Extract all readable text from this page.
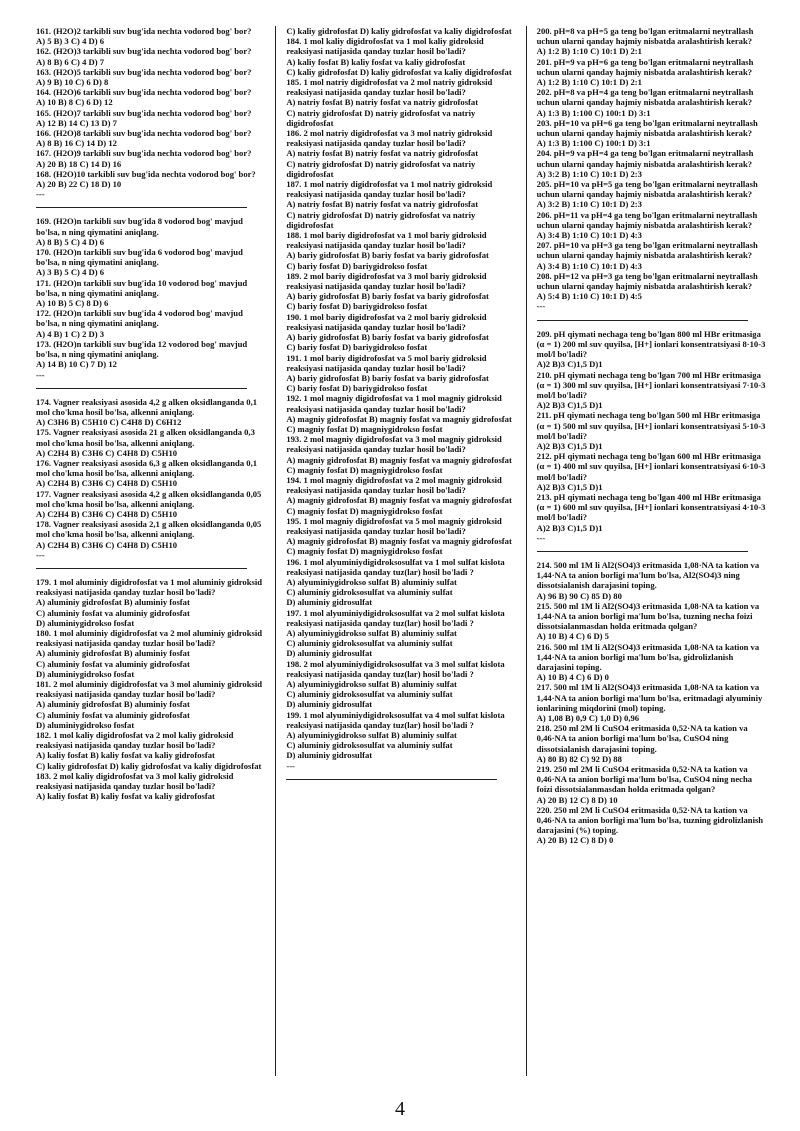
161. (H2O)2 tarkibli suv bug'ida nechta vodorod bog' bor?
A) 5 B) 3 C) 4 D) 6
162. (H2O)3 tarkibli suv bug'ida nechta vodorod bog' bor?
A) 8 B) 6 C) 4 D) 7
163. (H2O)5 tarkibli suv bug'ida nechta vodorod bog' bor?
A) 9 B) 10 C) 6 D) 8
164. (H2O)6 tarkibli suv bug'ida nechta vodorod bog' bor?
A) 10 B) 8 C) 6 D) 12
165. (H2O)7 tarkibli suv bug'ida nechta vodorod bog' bor?
A) 12 B) 14 C) 13 D) 7
166. (H2O)8 tarkibli suv bug'ida nechta vodorod bog' bor?
A) 8 B) 16 C) 14 D) 12
167. (H2O)9 tarkibli suv bug'ida nechta vodorod bog' bor?
A) 20 B) 18 C) 14 D) 16
168. (H2O)10 tarkibli suv bug'ida nechta vodorod bog' bor?
A) 20 B) 22 C) 18 D) 10
---
169. (H2O)n tarkibli suv bug'ida 8 vodorod bog' mavjud bo'lsa, n ning qiymatini aniqlang.
A) 8 B) 5 C) 4 D) 6
170. (H2O)n tarkibli suv bug'ida 6 vodorod bog' mavjud bo'lsa, n ning qiymatini aniqlang.
A) 3 B) 5 C) 4 D) 6
171. (H2O)n tarkibli suv bug'ida 10 vodorod bog' mavjud bo'lsa, n ning qiymatini aniqlang.
A) 10 B) 5 C) 8 D) 6
172. (H2O)n tarkibli suv bug'ida 4 vodorod bog' mavjud bo'lsa, n ning qiymatini aniqlang.
A) 4 B) 1 C) 2 D) 3
173. (H2O)n tarkibli suv bug'ida 12 vodorod bog' mavjud bo'lsa, n ning qiymatini aniqlang.
A) 14 B) 10 C) 7 D) 12
---
174. Vagner reaksiyasi asosida 4,2 g alken oksidlanganda 0,1 mol cho'kma hosil bo'lsa, alkenni aniqlang.
A) C3H6 B) C5H10 C) C4H8 D) C6H12
175. Vagner reaksiyasi asosida 21 g alken oksidlanganda 0,3 mol cho'kma hosil bo'lsa, alkenni aniqlang.
A) C2H4 B) C3H6 C) C4H8 D) C5H10
176. Vagner reaksiyasi asosida 6,3 g alken oksidlanganda 0,1 mol cho'kma hosil bo'lsa, alkenni aniqlang.
A) C2H4 B) C3H6 C) C4H8 D) C5H10
177. Vagner reaksiyasi asosida 4,2 g alken oksidlanganda 0,05 mol cho'kma hosil bo'lsa, alkenni aniqlang.
A) C2H4 B) C3H6 C) C4H8 D) C5H10
178. Vagner reaksiyasi asosida 2,1 g alken oksidlanganda 0,05 mol cho'kma hosil bo'lsa, alkenni aniqlang.
A) C2H4 B) C3H6 C) C4H8 D) C5H10
---
179. 1 mol aluminiy digidrofosfat va 1 mol aluminiy gidroksid reaksiyasi natijasida qanday tuzlar hosil bo'ladi?
A) aluminiy gidrofosfat B) aluminiy fosfat
C) aluminiy fosfat va aluminiy gidrofosfat
D) aluminiygidrokso fosfat
180. 1 mol aluminiy digidrofosfat va 2 mol aluminiy gidroksid reaksiyasi natijasida qanday tuzlar hosil bo'ladi?
A) aluminiy gidrofosfat B) aluminiy fosfat
C) aluminiy fosfat va aluminiy gidrofosfat
D) aluminiygidrokso fosfat
181. 2 mol aluminiy digidrofosfat va 3 mol aluminiy gidroksid reaksiyasi natijasida qanday tuzlar hosil bo'ladi?
A) aluminiy gidrofosfat B) aluminiy fosfat
C) aluminiy fosfat va aluminiy gidrofosfat
D) aluminiygidrokso fosfat
182. 1 mol kaliy digidrofosfat va 2 mol kaliy gidroksid reaksiyasi natijasida qanday tuzlar hosil bo'ladi?
A) kaliy fosfat B) kaliy fosfat va kaliy gidrofosfat
C) kaliy gidrofosfat D) kaliy gidrofosfat va kaliy digidrofosfat
183. 2 mol kaliy digidrofosfat va 3 mol kaliy gidroksid reaksiyasi natijasida qanday tuzlar hosil bo'ladi?
A) kaliy fosfat B) kaliy fosfat va kaliy gidrofosfat
C) kaliy gidrofosfat D) kaliy gidrofosfat va kaliy digidrofosfat
184. 1 mol kaliy digidrofosfat va 1 mol kaliy gidroksid reaksiyasi natijasida qanday tuzlar hosil bo'ladi?
A) kaliy fosfat B) kaliy fosfat va kaliy gidrofosfat
C) kaliy gidrofosfat D) kaliy gidrofosfat va kaliy digidrofosfat
185. 1 mol natriy digidrofosfat va 2 mol natriy gidroksid reaksiyasi natijasida qanday tuzlar hosil bo'ladi?
A) natriy fosfat B) natriy fosfat va natriy gidrofosfat
C) natriy gidrofosfat D) natriy gidrofosfat va natriy digidrofosfat
186. 2 mol natriy digidrofosfat va 3 mol natriy gidroksid reaksiyasi natijasida qanday tuzlar hosil bo'ladi?
A) natriy fosfat B) natriy fosfat va natriy gidrofosfat
C) natriy gidrofosfat D) natriy gidrofosfat va natriy digidrofosfat
187. 1 mol natriy digidrofosfat va 1 mol natriy gidroksid reaksiyasi natijasida qanday tuzlar hosil bo'ladi?
A) natriy fosfat B) natriy fosfat va natriy gidrofosfat
C) natriy gidrofosfat D) natriy gidrofosfat va natriy digidrofosfat
188. 1 mol bariy digidrofosfat va 1 mol bariy gidroksid reaksiyasi natijasida qanday tuzlar hosil bo'ladi?
A) bariy gidrofosfat B) bariy fosfat va bariy gidrofosfat
C) bariy fosfat D) bariygidrokso fosfat
189. 2 mol bariy digidrofosfat va 3 mol bariy gidroksid reaksiyasi natijasida qanday tuzlar hosil bo'ladi?
A) bariy gidrofosfat B) bariy fosfat va bariy gidrofosfat
C) bariy fosfat D) bariygidrokso fosfat
190. 1 mol bariy digidrofosfat va 2 mol bariy gidroksid reaksiyasi natijasida qanday tuzlar hosil bo'ladi?
A) bariy gidrofosfat B) bariy fosfat va bariy gidrofosfat
C) bariy fosfat D) bariygidrokso fosfat
191. 1 mol bariy digidrofosfat va 5 mol bariy gidroksid reaksiyasi natijasida qanday tuzlar hosil bo'ladi?
A) bariy gidrofosfat B) bariy fosfat va bariy gidrofosfat
C) bariy fosfat D) bariygidrokso fosfat
192. 1 mol magniy digidrofosfat va 1 mol magniy gidroksid reaksiyasi natijasida qanday tuzlar hosil bo'ladi?
A) magniy gidrofosfat B) magniy fosfat va magniy gidrofosfat
C) magniy fosfat D) magniygidrokso fosfat
193. 2 mol magniy digidrofosfat va 3 mol magniy gidroksid reaksiyasi natijasida qanday tuzlar hosil bo'ladi?
A) magniy gidrofosfat B) magniy fosfat va magniy gidrofosfat
C) magniy fosfat D) magniygidrokso fosfat
194. 1 mol magniy digidrofosfat va 2 mol magniy gidroksid reaksiyasi natijasida qanday tuzlar hosil bo'ladi?
A) magniy gidrofosfat B) magniy fosfat va magniy gidrofosfat
C) magniy fosfat D) magniygidrokso fosfat
195. 1 mol magniy digidrofosfat va 5 mol magniy gidroksid reaksiyasi natijasida qanday tuzlar hosil bo'ladi?
A) magniy gidrofosfat B) magniy fosfat va magniy gidrofosfat
C) magniy fosfat D) magniygidrokso fosfat
196. 1 mol alyuminiydigidroksosulfat va 1 mol sulfat kislota reaksiyasi natijasida qanday tuz(lar) hosil bo'ladi ?
A) alyuminiygidrokso sulfat B) aluminiy sulfat
C) aluminiy gidroksosulfat va aluminiy sulfat
D) aluminiy gidrosulfat
197. 1 mol alyuminiydigidroksosulfat va 2 mol sulfat kislota reaksiyasi natijasida qanday tuz(lar) hosil bo'ladi ?
A) alyuminiygidrokso sulfat B) aluminiy sulfat
C) aluminiy gidroksosulfat va aluminiy sulfat
D) aluminiy gidrosulfat
198. 2 mol alyuminiydigidroksosulfat va 3 mol sulfat kislota reaksiyasi natijasida qanday tuz(lar) hosil bo'ladi ?
A) alyuminiygidrokso sulfat B) aluminiy sulfat
C) aluminiy gidroksosulfat va aluminiy sulfat
D) aluminiy gidrosulfat
199. 1 mol alyuminiydigidroksosulfat va 4 mol sulfat kislota reaksiyasi natijasida qanday tuz(lar) hosil bo'ladi ?
A) alyuminiygidrokso sulfat B) aluminiy sulfat
C) aluminiy gidroksosulfat va aluminiy sulfat
D) aluminiy gidrosulfat
---
200. pH=8 va pH=5 ga teng bo'lgan eritmalarni neytrallash uchun ularni qanday hajmiy nisbatda aralashtirish kerak?
A) 1:2 B) 1:10 C) 10:1 D) 2:1
201. pH=9 va pH=6 ga teng bo'lgan eritmalarni neytrallash uchun ularni qanday hajmiy nisbatda aralashtirish kerak?
A) 1:2 B) 1:10 C) 10:1 D) 2:1
202. pH=8 va pH=4 ga teng bo'lgan eritmalarni neytrallash uchun ularni qanday hajmiy nisbatda aralashtirish kerak?
A) 1:3 B) 1:100 C) 100:1 D) 3:1
203. pH=10 va pH=6 ga teng bo'lgan eritmalarni neytrallash uchun ularni qanday hajmiy nisbatda aralashtirish kerak?
A) 1:3 B) 1:100 C) 100:1 D) 3:1
204. pH=9 va pH=4 ga teng bo'lgan eritmalarni neytrallash uchun ularni qanday hajmiy nisbatda aralashtirish kerak?
A) 3:2 B) 1:10 C) 10:1 D) 2:3
205. pH=10 va pH=5 ga teng bo'lgan eritmalarni neytrallash uchun ularni qanday hajmiy nisbatda aralashtirish kerak?
A) 3:2 B) 1:10 C) 10:1 D) 2:3
206. pH=11 va pH=4 ga teng bo'lgan eritmalarni neytrallash uchun ularni qanday hajmiy nisbatda aralashtirish kerak?
A) 3:4 B) 1:10 C) 10:1 D) 4:3
207. pH=10 va pH=3 ga teng bo'lgan eritmalarni neytrallash uchun ularni qanday hajmiy nisbatda aralashtirish kerak?
A) 3:4 B) 1:10 C) 10:1 D) 4:3
208. pH=12 va pH=3 ga teng bo'lgan eritmalarni neytrallash uchun ularni qanday hajmiy nisbatda aralashtirish kerak?
A) 5:4 B) 1:10 C) 10:1 D) 4:5
---
209. pH qiymati nechaga teng bo'lgan 800 ml HBr eritmasiga (α = 1) 200 ml suv quyilsa, [H+] ionlari konsentratsiyasi 8·10-3 mol/l bo'ladi?
A)2 B)3 C)1,5 D)1
210. pH qiymati nechaga teng bo'lgan 700 ml HBr eritmasiga (α = 1) 300 ml suv quyilsa, [H+] ionlari konsentratsiyasi 7·10-3 mol/l bo'ladi?
A)2 B)3 C)1,5 D)1
211. pH qiymati nechaga teng bo'lgan 500 ml HBr eritmasiga (α = 1) 500 ml suv quyilsa, [H+] ionlari konsentratsiyasi 5·10-3 mol/l bo'ladi?
A)2 B)3 C)1,5 D)1
212. pH qiymati nechaga teng bo'lgan 600 ml HBr eritmasiga (α = 1) 400 ml suv quyilsa, [H+] ionlari konsentratsiyasi 6·10-3 mol/l bo'ladi?
A)2 B)3 C)1,5 D)1
213. pH qiymati nechaga teng bo'lgan 400 ml HBr eritmasiga (α = 1) 600 ml suv quyilsa, [H+] ionlari konsentratsiyasi 4·10-3 mol/l bo'ladi?
A)2 B)3 C)1,5 D)1
---
214. 500 ml 1M li Al2(SO4)3 eritmasida 1,08·NA ta kation va 1,44·NA ta anion borligi ma'lum bo'lsa, Al2(SO4)3 ning dissotsialanish darajasini toping.
A) 96 B) 90 C) 85 D) 80
215. 500 ml 1M li Al2(SO4)3 eritmasida 1,08·NA ta kation va 1,44·NA ta anion borligi ma'lum bo'lsa, tuzning necha foizi dissotsialanmasdan holda eritmada qolgan?
A) 10 B) 4 C) 6 D) 5
216. 500 ml 1M li Al2(SO4)3 eritmasida 1,08·NA ta kation va 1,44·NA ta anion borligi ma'lum bo'lsa, gidrolizlanish darajasini toping.
A) 10 B) 4 C) 6 D) 0
217. 500 ml 1M li Al2(SO4)3 eritmasida 1,08·NA ta kation va 1,44·NA ta anion borligi ma'lum bo'lsa, eritmadagi alyuminiy ionlarining miqdorini (mol) toping.
A) 1,08 B) 0,9 C) 1,0 D) 0,96
218. 250 ml 2M li CuSO4 eritmasida 0,52·NA ta kation va 0,46·NA ta anion borligi ma'lum bo'lsa, CuSO4 ning dissotsialanish darajasini toping.
A) 80 B) 82 C) 92 D) 88
219. 250 ml 2M li CuSO4 eritmasida 0,52·NA ta kation va 0,46·NA ta anion borligi ma'lum bo'lsa, CuSO4 ning necha foizi dissotsialanmasdan holda eritmada qolgan?
A) 20 B) 12 C) 8 D) 10
220. 250 ml 2M li CuSO4 eritmasida 0,52·NA ta kation va 0,46·NA ta anion borligi ma'lum bo'lsa, tuzning gidrolizlanish darajasini (%) toping.
A) 20 B) 12 C) 8 D) 0
4
